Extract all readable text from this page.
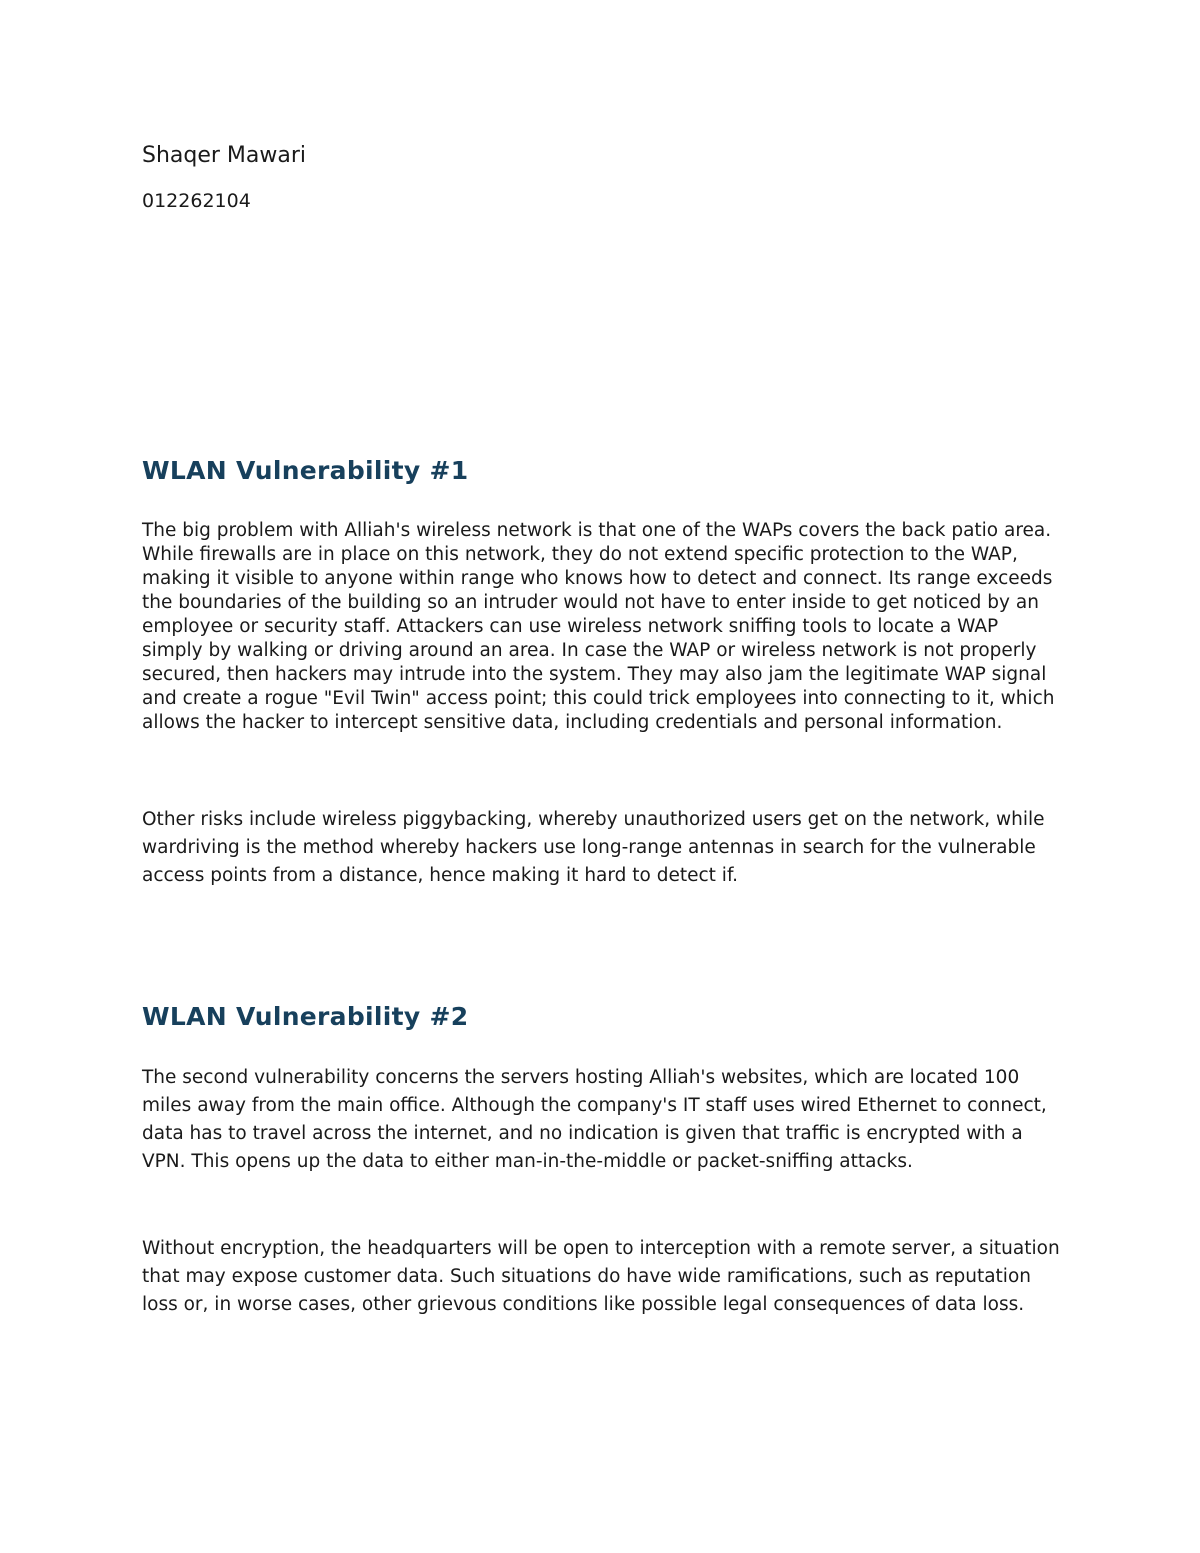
Shaqer Mawari

012262104

WLAN Vulnerability #1

The big problem with Alliah's wireless network is that one of the WAPs covers the back patio area. While firewalls are in place on this network, they do not extend specific protection to the WAP, making it visible to anyone within range who knows how to detect and connect. Its range exceeds the boundaries of the building so an intruder would not have to enter inside to get noticed by an employee or security staff. Attackers can use wireless network sniffing tools to locate a WAP simply by walking or driving around an area. In case the WAP or wireless network is not properly secured, then hackers may intrude into the system. They may also jam the legitimate WAP signal and create a rogue "Evil Twin" access point; this could trick employees into connecting to it, which allows the hacker to intercept sensitive data, including credentials and personal information.

Other risks include wireless piggybacking, whereby unauthorized users get on the network, while wardriving is the method whereby hackers use long-range antennas in search for the vulnerable access points from a distance, hence making it hard to detect if.

WLAN Vulnerability #2

The second vulnerability concerns the servers hosting Alliah's websites, which are located 100 miles away from the main office. Although the company's IT staff uses wired Ethernet to connect, data has to travel across the internet, and no indication is given that traffic is encrypted with a VPN. This opens up the data to either man-in-the-middle or packet-sniffing attacks.

Without encryption, the headquarters will be open to interception with a remote server, a situation that may expose customer data. Such situations do have wide ramifications, such as reputation loss or, in worse cases, other grievous conditions like possible legal consequences of data loss.
